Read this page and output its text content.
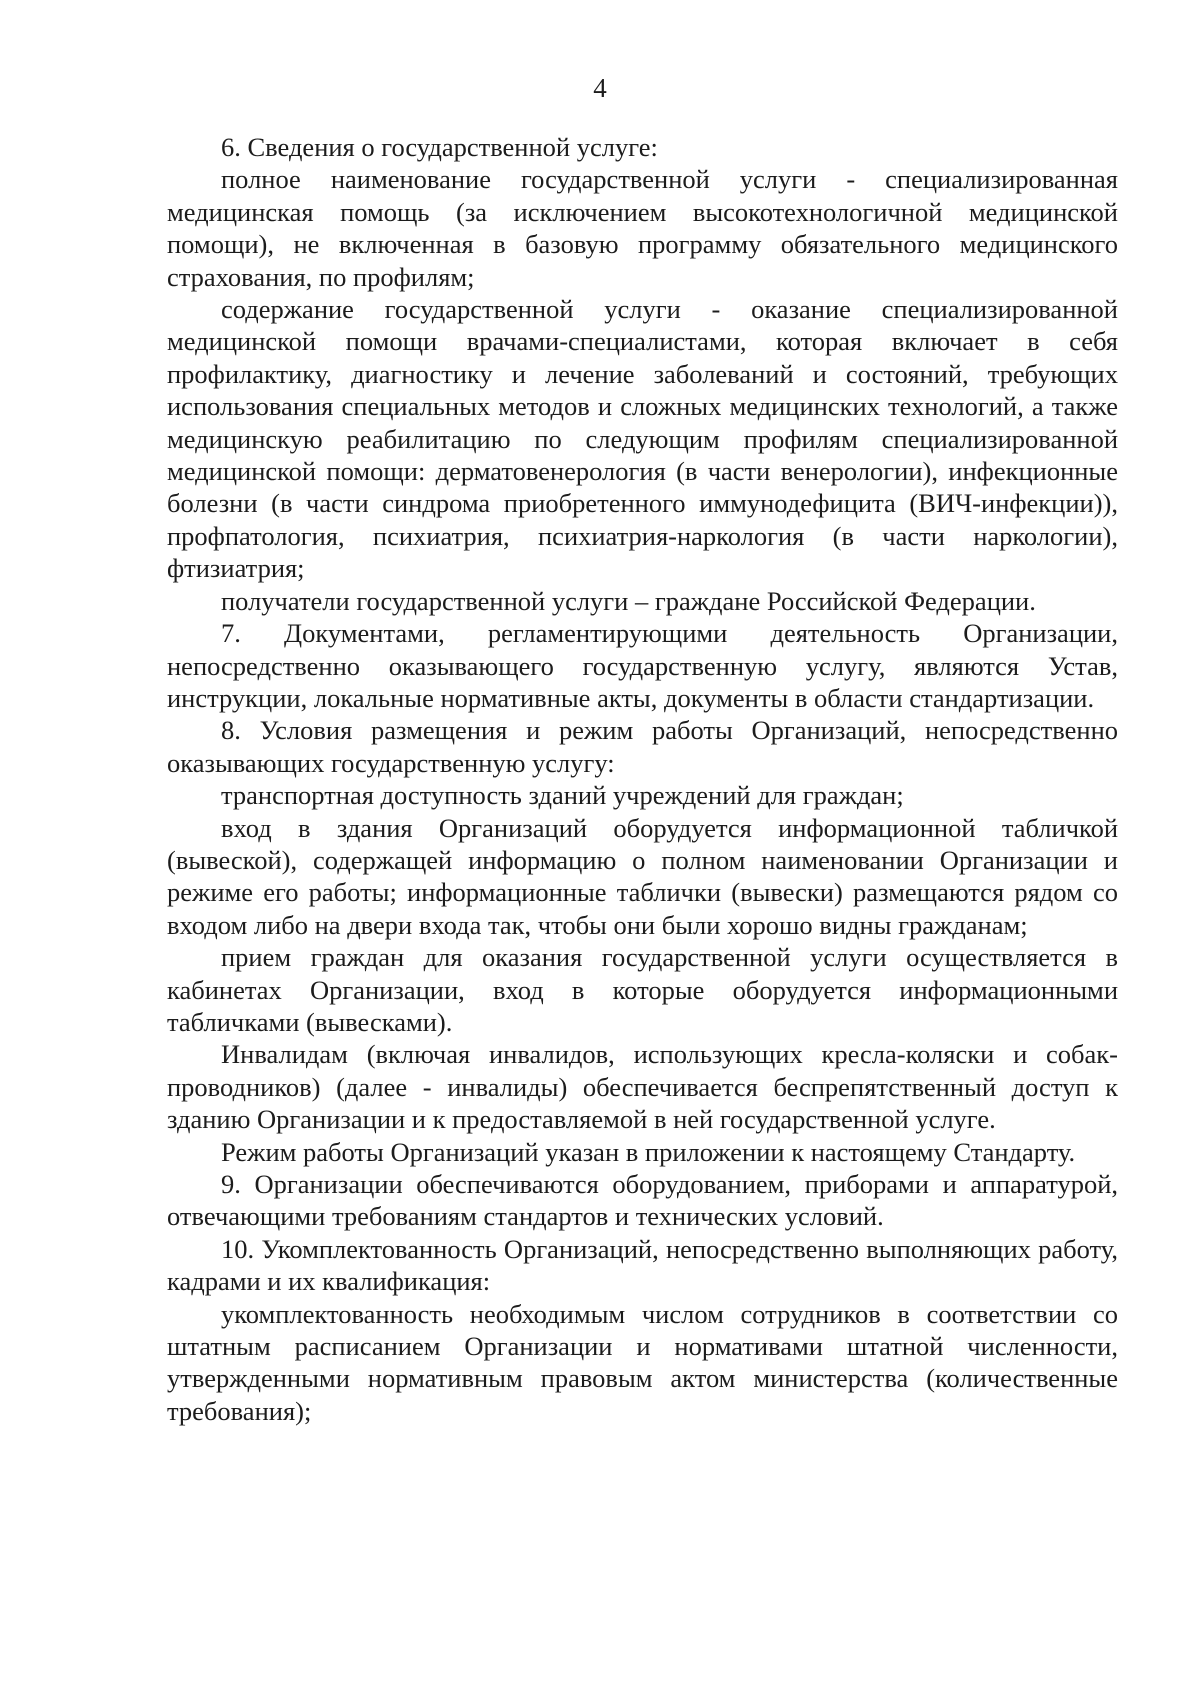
4

6. Сведения о государственной услуге:

полное наименование государственной услуги - специализированная медицинская помощь (за исключением высокотехнологичной медицинской помощи), не включенная в базовую программу обязательного медицинского страхования, по профилям;

содержание государственной услуги - оказание специализированной медицинской помощи врачами-специалистами, которая включает в себя профилактику, диагностику и лечение заболеваний и состояний, требующих использования специальных методов и сложных медицинских технологий, а также медицинскую реабилитацию по следующим профилям специализированной медицинской помощи: дерматовенерология (в части венерологии), инфекционные болезни (в части синдрома приобретенного иммунодефицита (ВИЧ-инфекции)), профпатология, психиатрия, психиатрия-наркология (в части наркологии), фтизиатрия;

получатели государственной услуги – граждане Российской Федерации.

7. Документами, регламентирующими деятельность Организации, непосредственно оказывающего государственную услугу, являются Устав, инструкции, локальные нормативные акты, документы в области стандартизации.

8. Условия размещения и режим работы Организаций, непосредственно оказывающих государственную услугу:

транспортная доступность зданий учреждений для граждан;

вход в здания Организаций оборудуется информационной табличкой (вывеской), содержащей информацию о полном наименовании Организации и режиме его работы; информационные таблички (вывески) размещаются рядом со входом либо на двери входа так, чтобы они были хорошо видны гражданам;

прием граждан для оказания государственной услуги осуществляется в кабинетах Организации, вход в которые оборудуется информационными табличками (вывесками).

Инвалидам (включая инвалидов, использующих кресла-коляски и собак-проводников) (далее - инвалиды) обеспечивается беспрепятственный доступ к зданию Организации и к предоставляемой в ней государственной услуге.

Режим работы Организаций указан в приложении к настоящему Стандарту.

9. Организации обеспечиваются оборудованием, приборами и аппаратурой, отвечающими требованиям стандартов и технических условий.

10. Укомплектованность Организаций, непосредственно выполняющих работу, кадрами и их квалификация:

укомплектованность необходимым числом сотрудников в соответствии со штатным расписанием Организации и нормативами штатной численности, утвержденными нормативным правовым актом министерства (количественные требования);
